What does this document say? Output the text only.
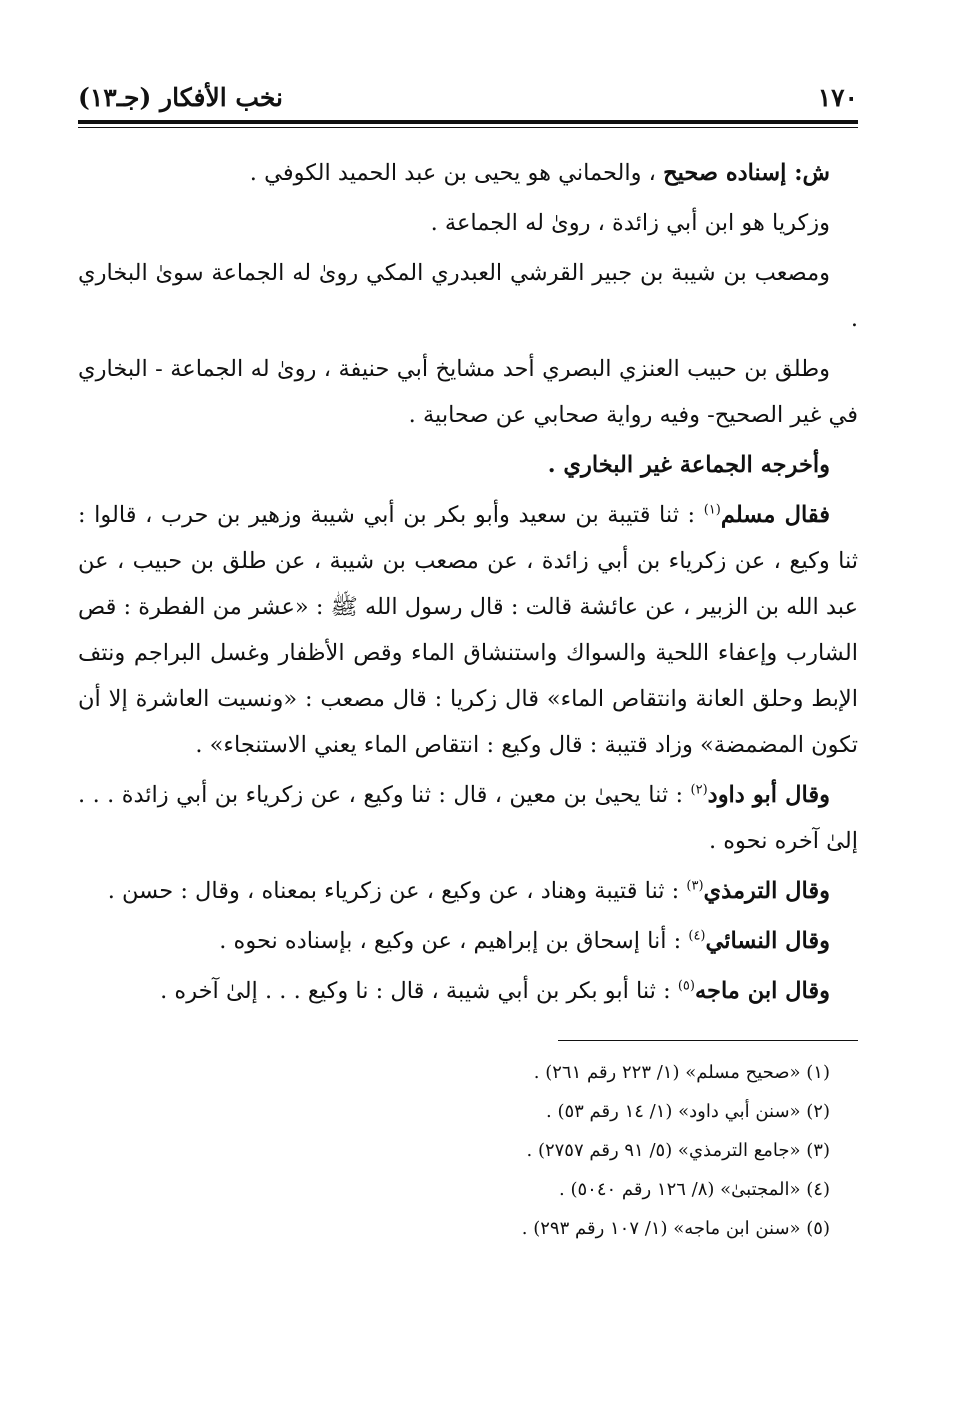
١٧٠
نخب الأفكار (جـ١٣)

ش: إسناده صحيح ، والحماني هو يحيى بن عبد الحميد الكوفي .

وزكريا هو ابن أبي زائدة ، روىٰ له الجماعة .

ومصعب بن شيبة بن جبير القرشي العبدري المكي روىٰ له الجماعة سوىٰ البخاري .

وطلق بن حبيب العنزي البصري أحد مشايخ أبي حنيفة ، روىٰ له الجماعة - البخاري في غير الصحيح- وفيه رواية صحابي عن صحابية .

وأخرجه الجماعة غير البخاري .

فقال مسلم$^{(١)}$ : ثنا قتيبة بن سعيد وأبو بكر بن أبي شيبة وزهير بن حرب ، قالوا : ثنا وكيع ، عن زكرياء بن أبي زائدة ، عن مصعب بن شيبة ، عن طلق بن حبيب ، عن عبد الله بن الزبير ، عن عائشة قالت : قال رسول الله ﷺ : «عشر من الفطرة : قص الشارب وإعفاء اللحية والسواك واستنشاق الماء وقص الأظفار وغسل البراجم ونتف الإبط وحلق العانة وانتقاص الماء» قال زكريا : قال مصعب : «ونسيت العاشرة إلا أن تكون المضمضة» وزاد قتيبة : قال وكيع : انتقاص الماء يعني الاستنجاء» .

وقال أبو داود$^{(٢)}$ : ثنا يحيىٰ بن معين ، قال : ثنا وكيع ، عن زكرياء بن أبي زائدة . . . إلىٰ آخره نحوه .

وقال الترمذي$^{(٣)}$ : ثنا قتيبة وهناد ، عن وكيع ، عن زكرياء بمعناه ، وقال : حسن .

وقال النسائي$^{(٤)}$ : أنا إسحاق بن إبراهيم ، عن وكيع ، بإسناده نحوه .

وقال ابن ماجه$^{(٥)}$ : ثنا أبو بكر بن أبي شيبة ، قال : نا وكيع . . . إلىٰ آخره .

(١) «صحيح مسلم» (١/ ٢٢٣ رقم ٢٦١) .
(٢) «سنن أبي داود» (١/ ١٤ رقم ٥٣) .
(٣) «جامع الترمذي» (٥/ ٩١ رقم ٢٧٥٧) .
(٤) «المجتبىٰ» (٨/ ١٢٦ رقم ٥٠٤٠) .
(٥) «سنن ابن ماجه» (١/ ١٠٧ رقم ٢٩٣) .
